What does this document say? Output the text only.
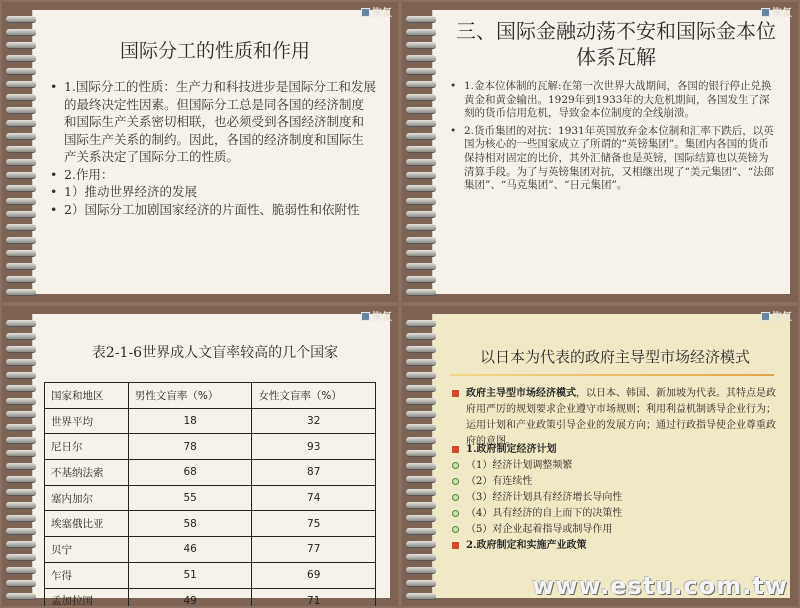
恢复
国际分工的性质和作用
• 1.国际分工的性质：生产力和科技进步是国际分工和发展的最终决定性因素。但国际分工总是同各国的经济制度和国际生产关系密切相联，也必须受到各国经济制度和国际生产关系的制约。因此，各国的经济制度和国际生产关系决定了国际分工的性质。
• 2.作用：
• 1）推动世界经济的发展
• 2）国际分工加剧国家经济的片面性、脆弱性和依附性
恢复
三、国际金融动荡不安和国际金本位体系瓦解
• 1.金本位体制的瓦解:在第一次世界大战期间，各国的银行停止兑换黄金和黄金输出。1929年到1933年的大危机期间，各国发生了深刻的货币信用危机，导致金本位制度的全线崩溃。
• 2.货币集团的对抗：1931年英国放弃金本位制和汇率下跌后，以英国为核心的一些国家成立了所谓的“英镑集团”。集团内各国的货币保持相对固定的比价，其外汇储备也是英镑，国际结算也以英镑为清算手段。为了与英镑集团对抗，又相继出现了“美元集团”、“法郎集团”、“马克集团”、“日元集团”。
恢复
表2-1-6世界成人文盲率较高的几个国家
国家和地区	男性文盲率（%）	女性文盲率（%）
世界平均	18	32
尼日尔	78	93
不基纳法索	68	87
塞内加尔	55	74
埃塞俄比亚	58	75
贝宁	46	77
乍得	51	69
孟加拉国	49	71
恢复
以日本为代表的政府主导型市场经济模式
政府主导型市场经济模式，以日本、韩国、新加坡为代表。其特点是政府用严厉的规划要求企业遵守市场规则；利用利益机制诱导企业行为；运用计划和产业政策引导企业的发展方向；通过行政指导使企业尊重政府的意图。
1.政府制定经济计划
（1）经济计划调整频繁
（2）有连续性
（3）经济计划具有经济增长导向性
（4）具有经济的自上而下的决策性
（5）对企业起着指导或制导作用
2.政府制定和实施产业政策
www.estu.com.tw
